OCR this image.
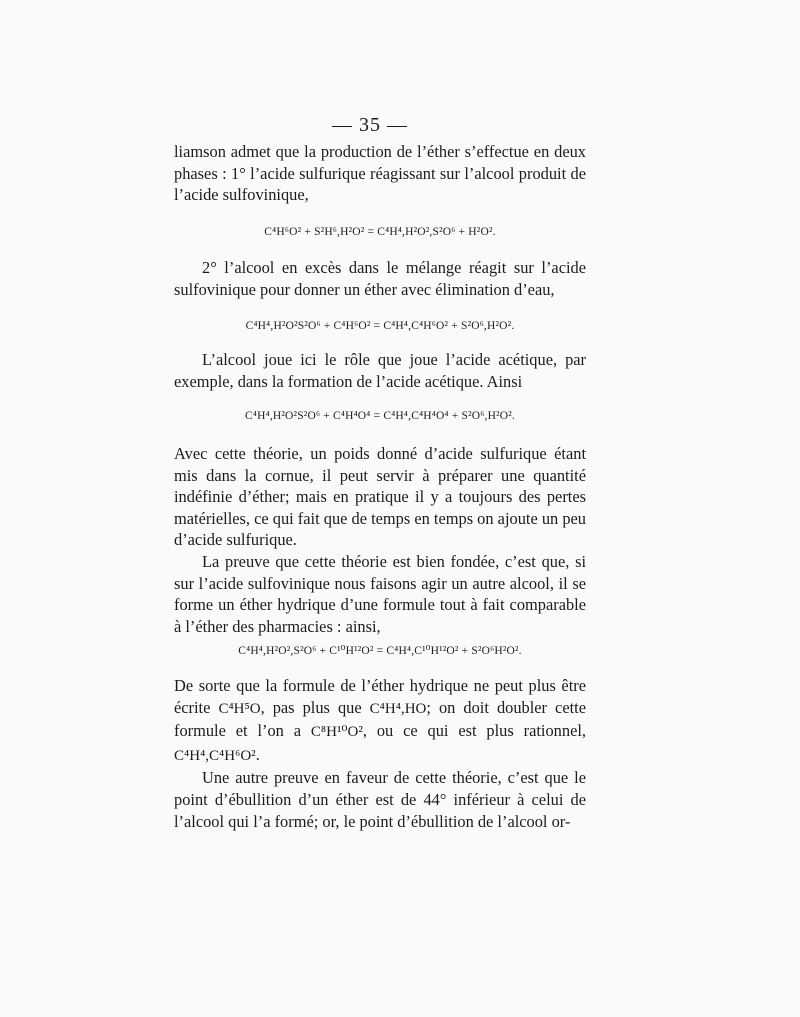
— 35 —

liamson admet que la production de l’éther s’effectue en deux phases : 1° l’acide sulfurique réagissant sur l’alcool produit de l’acide sulfovinique,

C⁴H⁶O² + S²H⁶,H²O² = C⁴H⁴,H²O²,S²O⁶ + H²O².

2° l’alcool en excès dans le mélange réagit sur l’acide sulfovinique pour donner un éther avec élimination d’eau,

C⁴H⁴,H²O²S²O⁶ + C⁴H⁶O² = C⁴H⁴,C⁴H⁶O² + S²O⁶,H²O².

L’alcool joue ici le rôle que joue l’acide acétique, par exemple, dans la formation de l’acide acétique. Ainsi

C⁴H⁴,H²O²S²O⁶ + C⁴H⁴O⁴ = C⁴H⁴,C⁴H⁴O⁴ + S²O⁶,H²O².

Avec cette théorie, un poids donné d’acide sulfurique étant mis dans la cornue, il peut servir à préparer une quantité indéfinie d’éther; mais en pratique il y a toujours des pertes matérielles, ce qui fait que de temps en temps on ajoute un peu d’acide sulfurique.

La preuve que cette théorie est bien fondée, c’est que, si sur l’acide sulfovinique nous faisons agir un autre alcool, il se forme un éther hydrique d’une formule tout à fait comparable à l’éther des pharmacies : ainsi,

C⁴H⁴,H²O²,S²O⁶ + C¹⁰H¹²O² = C⁴H⁴,C¹⁰H¹²O² + S²O⁶H²O².

De sorte que la formule de l’éther hydrique ne peut plus être écrite C⁴H⁵O, pas plus que C⁴H⁴,HO; on doit doubler cette formule et l’on a C⁸H¹⁰O², ou ce qui est plus rationnel, C⁴H⁴,C⁴H⁶O².

Une autre preuve en faveur de cette théorie, c’est que le point d’ébullition d’un éther est de 44° inférieur à celui de l’alcool qui l’a formé; or, le point d’ébullition de l’alcool or-
